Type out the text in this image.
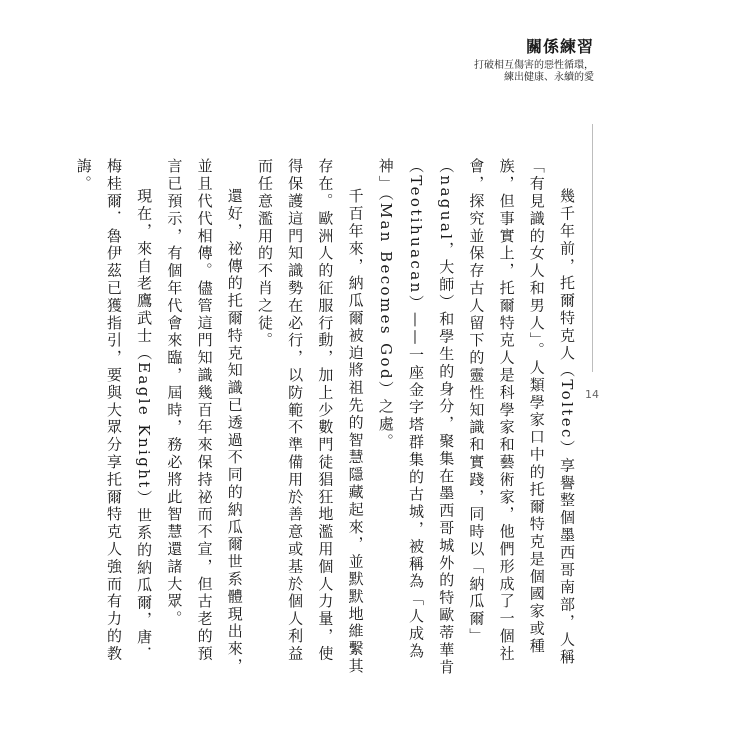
關係練習
打破相互傷害的惡性循環，
練出健康、永續的愛
14

幾千年前，托爾特克人（Toltec）享譽整個墨西哥南部，人稱「有見識的女人和男人」。人類學家口中的托爾特克是個國家或種族，但事實上，托爾特克人是科學家和藝術家，他們形成了一個社會，探究並保存古人留下的靈性知識和實踐，同時以「納瓜爾」（nagual，大師）和學生的身分，聚集在墨西哥城外的特歐蒂華肯（Teotihuacan）——一座金字塔群集的古城，被稱為「人成為神」（Man Becomes God）之處。

千百年來，納瓜爾被迫將祖先的智慧隱藏起來，並默默地維繫其存在。歐洲人的征服行動，加上少數門徒猖狂地濫用個人力量，使得保護這門知識勢在必行，以防範不準備用於善意或基於個人利益而任意濫用的不肖之徒。

還好，祕傳的托爾特克知識已透過不同的納瓜爾世系體現出來，並且代代相傳。儘管這門知識幾百年來保持祕而不宣，但古老的預言已預示，有個年代會來臨，屆時，務必將此智慧還諸大眾。

現在，來自老鷹武士（Eagle Knight）世系的納瓜爾，唐．梅桂爾．魯伊茲已獲指引，要與大眾分享托爾特克人強而有力的教誨。
